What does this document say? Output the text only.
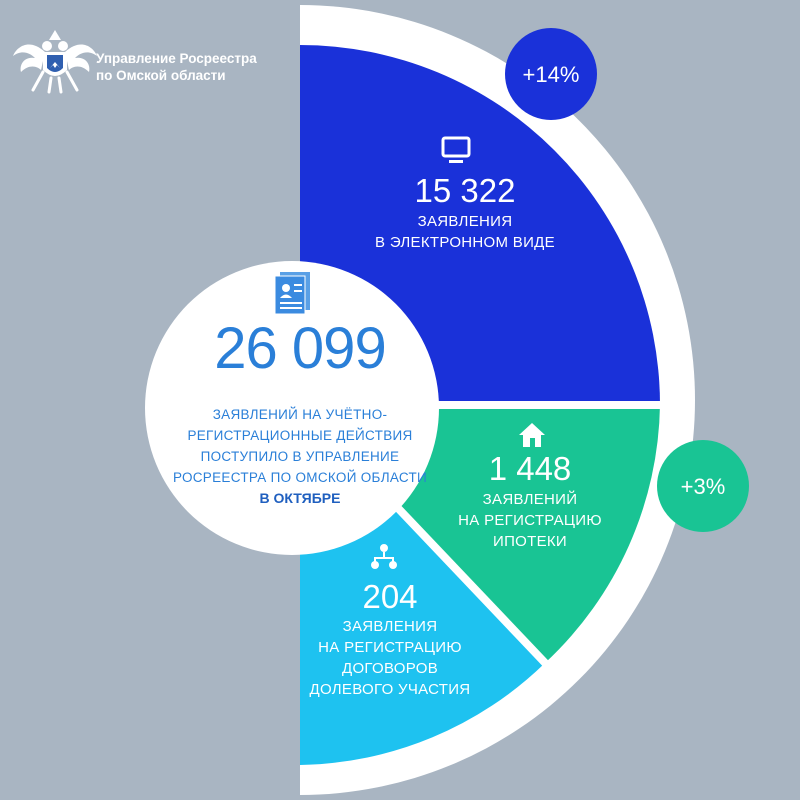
Управление Росреестра
по Омской области
26 099
ЗАЯВЛЕНИЙ НА УЧЁТНО-
РЕГИСТРАЦИОННЫЕ ДЕЙСТВИЯ
ПОСТУПИЛО В УПРАВЛЕНИЕ
РОСРЕЕСТРА ПО ОМСКОЙ ОБЛАСТИ
В ОКТЯБРЕ
15 322
ЗАЯВЛЕНИЯ
В ЭЛЕКТРОННОМ ВИДЕ
1 448
ЗАЯВЛЕНИЙ
НА РЕГИСТРАЦИЮ
ИПОТЕКИ
204
ЗАЯВЛЕНИЯ
НА РЕГИСТРАЦИЮ
ДОГОВОРОВ
ДОЛЕВОГО УЧАСТИЯ
+14%
+3%
